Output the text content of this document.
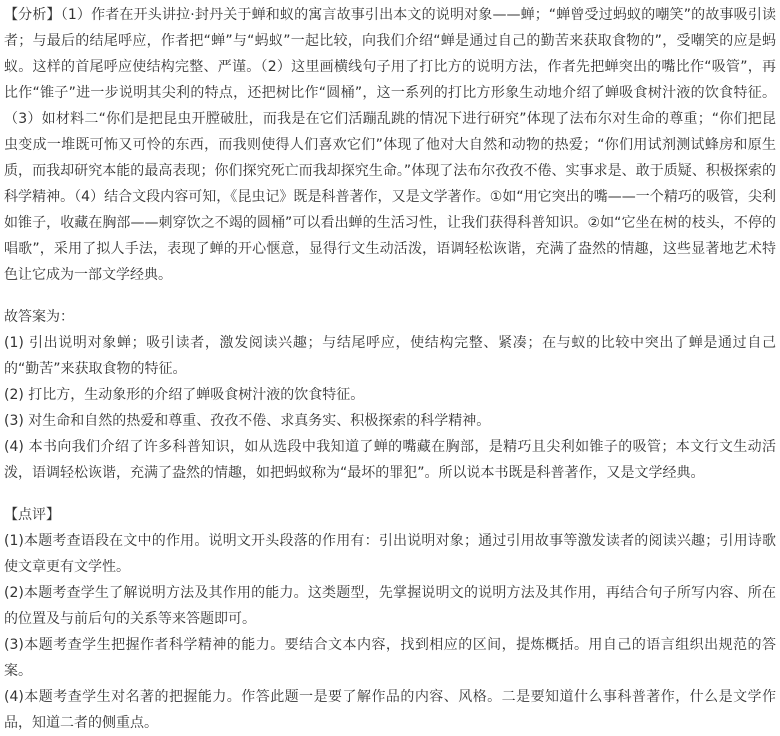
【分析】（1）作者在开头讲拉·封丹关于蝉和蚁的寓言故事引出本文的说明对象——蝉；“蝉曾受过蚂蚁的嘲笑”的故事吸引读者；与最后的结尾呼应，作者把“蝉”与“蚂蚁”一起比较，向我们介绍“蝉是通过自己的勤苦来获取食物的”，受嘲笑的应是蚂蚁。这样的首尾呼应使结构完整、严谨。（2）这里画横线句子用了打比方的说明方法，作者先把蝉突出的嘴比作“吸管”，再比作“锥子”进一步说明其尖利的特点，还把树比作“圆桶”，这一系列的打比方形象生动地介绍了蝉吸食树汁液的饮食特征。（3）如材料二“你们是把昆虫开膛破肚，而我是在它们活蹦乱跳的情况下进行研究”体现了法布尔对生命的尊重；“你们把昆虫变成一堆既可怖又可怜的东西，而我则使得人们喜欢它们”体现了他对大自然和动物的热爱；“你们用试剂测试蜂房和原生质，而我却研究本能的最高表现；你们探究死亡而我却探究生命。”体现了法布尔孜孜不倦、实事求是、敢于质疑、积极探索的科学精神。（4）结合文段内容可知，《昆虫记》既是科普著作，又是文学著作。①如“用它突出的嘴——一个精巧的吸管，尖利如锥子，收藏在胸部——刺穿饮之不竭的圆桶”可以看出蝉的生活习性，让我们获得科普知识。②如“它坐在树的枝头，不停的唱歌”，采用了拟人手法，表现了蝉的开心惬意，显得行文生动活泼，语调轻松诙谐，充满了盎然的情趣，这些显著地艺术特色让它成为一部文学经典。

故答案为：

(1) 引出说明对象蝉；吸引读者，激发阅读兴趣；与结尾呼应，使结构完整、紧凑；在与蚁的比较中突出了蝉是通过自己的“勤苦”来获取食物的特征。

(2) 打比方，生动象形的介绍了蝉吸食树汁液的饮食特征。

(3) 对生命和自然的热爱和尊重、孜孜不倦、求真务实、积极探索的科学精神。

(4) 本书向我们介绍了许多科普知识，如从选段中我知道了蝉的嘴藏在胸部，是精巧且尖利如锥子的吸管；本文行文生动活泼，语调轻松诙谐，充满了盎然的情趣，如把蚂蚁称为“最坏的罪犯”。所以说本书既是科普著作，又是文学经典。

【点评】

(1)本题考查语段在文中的作用。说明文开头段落的作用有：引出说明对象；通过引用故事等激发读者的阅读兴趣；引用诗歌使文章更有文学性。

(2)本题考查学生了解说明方法及其作用的能力。这类题型，先掌握说明文的说明方法及其作用，再结合句子所写内容、所在的位置及与前后句的关系等来答题即可。

(3)本题考查学生把握作者科学精神的能力。要结合文本内容，找到相应的区间，提炼概括。用自己的语言组织出规范的答案。

(4)本题考查学生对名著的把握能力。作答此题一是要了解作品的内容、风格。二是要知道什么事科普著作，什么是文学作品，知道二者的侧重点。
